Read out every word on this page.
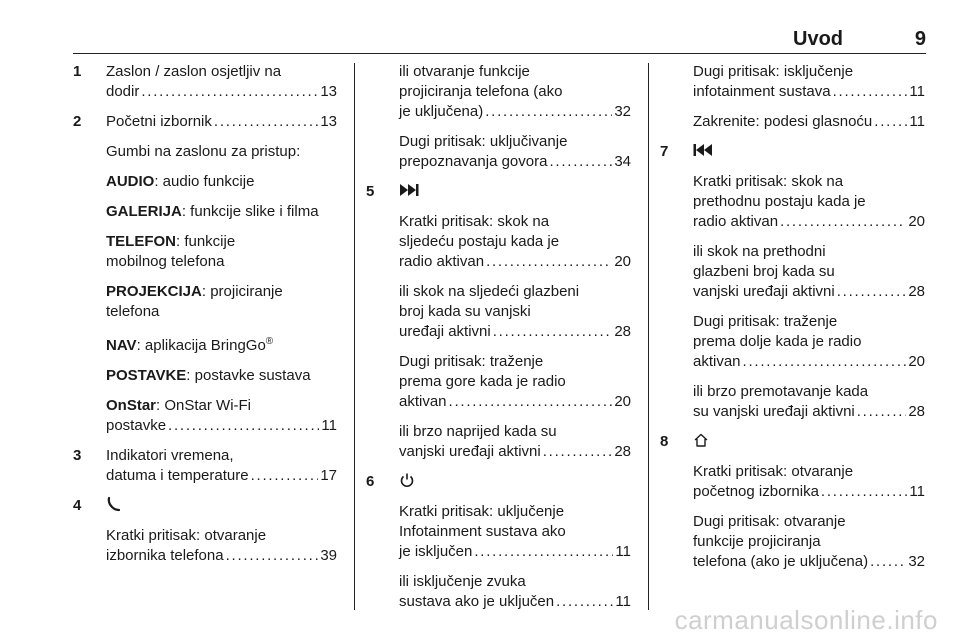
Uvod	9
1 Zaslon / zaslon osjetljiv na
dodir . . .	13
2 Početni izbornik . . .	13
Gumbi na zaslonu za pristup:
AUDIO: audio funkcije
GALERIJA: funkcije slike i filma
TELEFON: funkcije
mobilnog telefona
PROJEKCIJA: projiciranje
telefona
NAV: aplikacija BringGo®
POSTAVKE: postavke sustava
OnStar: OnStar Wi-Fi
postavke . . .	11
3 Indikatori vremena,
datuma i temperature . . .	17
4
Kratki pritisak: otvaranje
izbornika telefona . . .	39
ili otvaranje funkcije
projiciranja telefona (ako
je uključena) . . .	32
Dugi pritisak: uključivanje
prepoznavanja govora . . .	34
5
Kratki pritisak: skok na
sljedeću postaju kada je
radio aktivan . . .	20
ili skok na sljedeći glazbeni
broj kada su vanjski
uređaji aktivni . . .	28
Dugi pritisak: traženje
prema gore kada je radio
aktivan . . .	20
ili brzo naprijed kada su
vanjski uređaji aktivni . . .	28
6
Kratki pritisak: uključenje
Infotainment sustava ako
je isključen . . .	11
ili isključenje zvuka
sustava ako je uključen . . .	11
Dugi pritisak: isključenje
infotainment sustava . . .	11
Zakrenite: podesi glasnoću . . . 11
7
Kratki pritisak: skok na
prethodnu postaju kada je
radio aktivan . . .	20
ili skok na prethodni
glazbeni broj kada su
vanjski uređaji aktivni . . .	28
Dugi pritisak: traženje
prema dolje kada je radio
aktivan . . .	20
ili brzo premotavanje kada
su vanjski uređaji aktivni . . .	28
8
Kratki pritisak: otvaranje
početnog izbornika . . .	11
Dugi pritisak: otvaranje
funkcije projiciranja
telefona (ako je uključena) . . .	32
carmanualsonline.info
